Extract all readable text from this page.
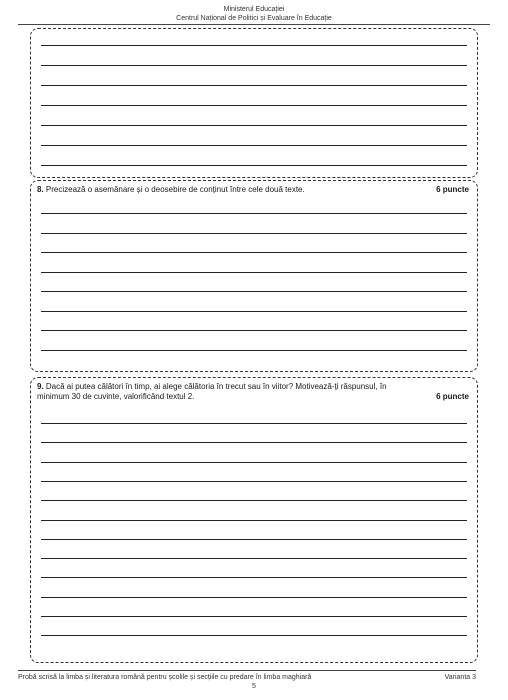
Ministerul Educației

Centrul Național de Politici și Evaluare în Educație
8. Precizează o asemănare și o deosebire de conținut între cele două texte.	6 puncte
9. Dacă ai putea călători în timp, ai alege călătoria în trecut sau în viitor? Motivează-ți răspunsul, în
minimum 30 de cuvinte, valorificând textul 2.	6 puncte
Probă scrisă la limba și literatura română pentru școlile și secțiile cu predare în limba maghiară	Varianta 3
5
